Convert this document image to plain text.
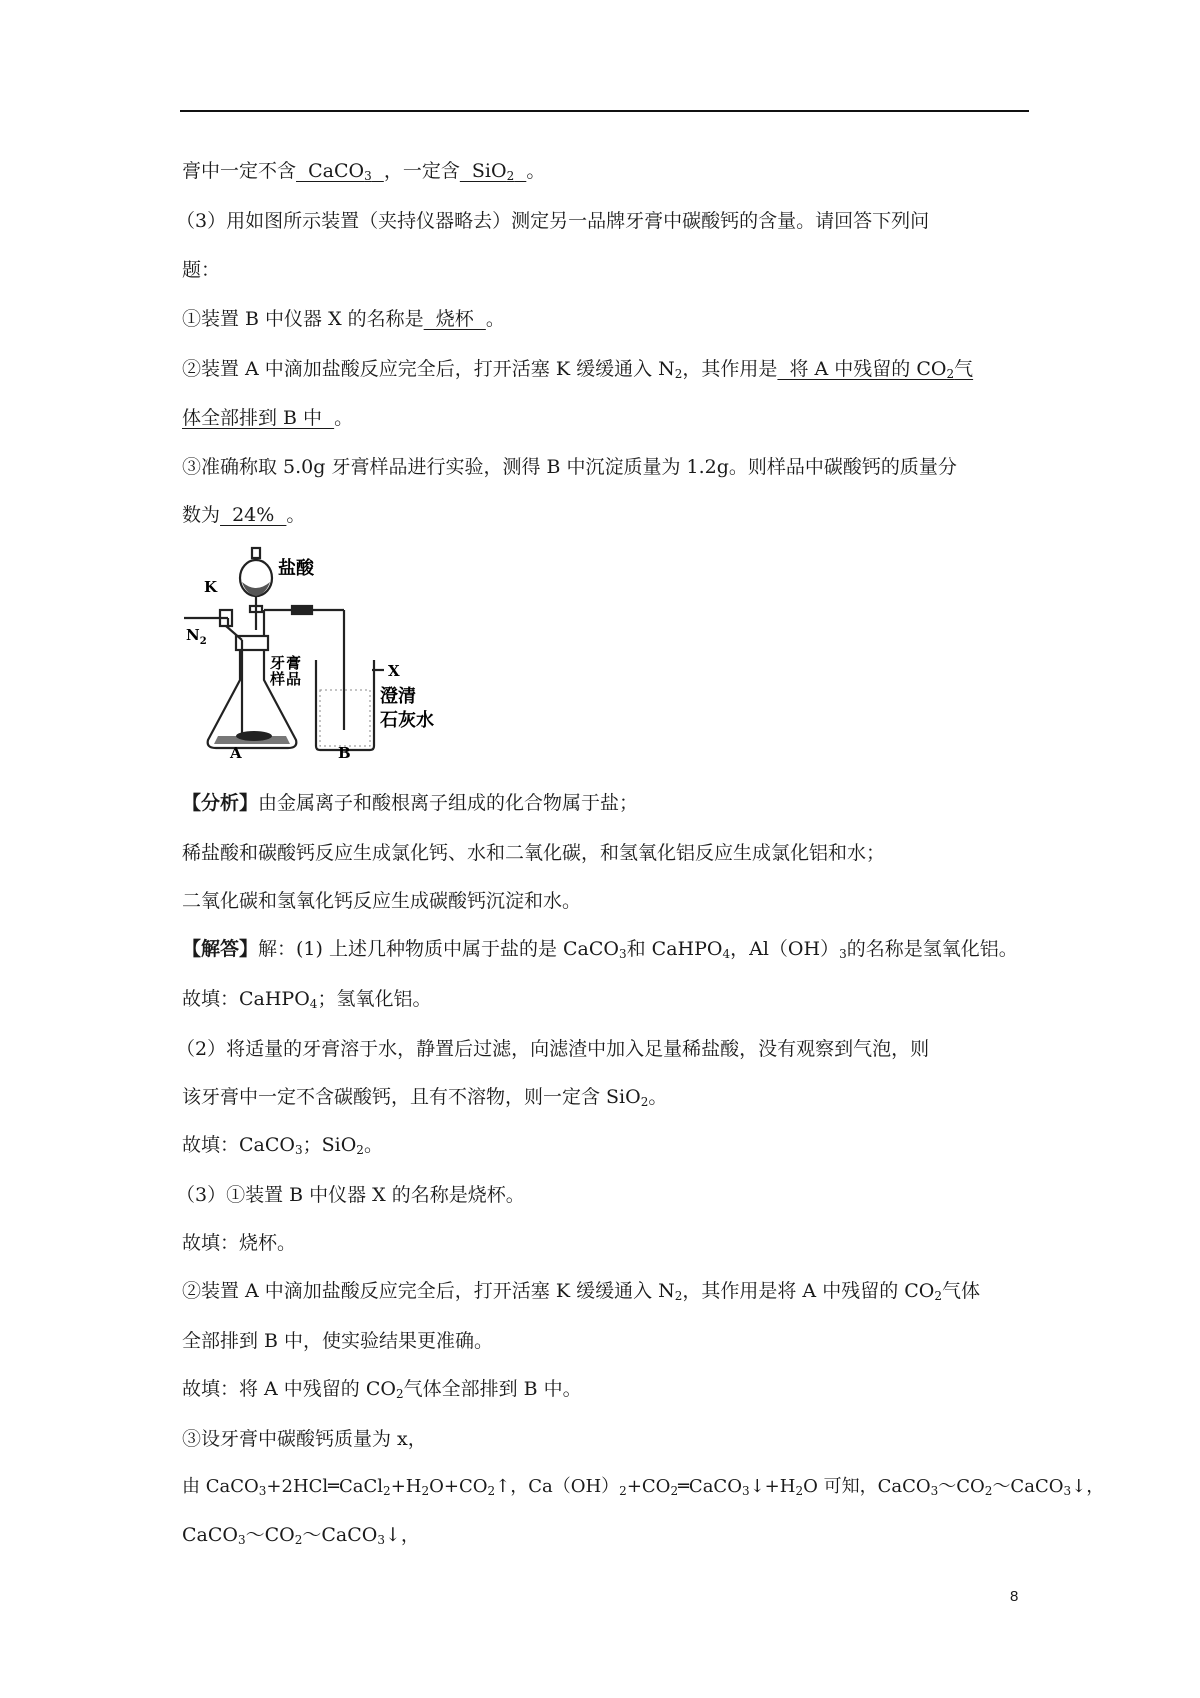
膏中一定不含  CaCO$_3$ ，一定含  SiO$_2$ 。
（3）用如图所示装置（夹持仪器略去）测定另一品牌牙膏中碳酸钙的含量。请回答下列问
题：
①装置 B 中仪器 X 的名称是  烧杯  。
②装置 A 中滴加盐酸反应完全后，打开活塞 K 缓缓通入 $N_2$，其作用是  将 A 中残留的 $CO_2$气
体全部排到 B 中  。
③准确称取 5.0g 牙膏样品进行实验，测得 B 中沉淀质量为 1.2g。则样品中碳酸钙的质量分
数为  24%  。
【分析】由金属离子和酸根离子组成的化合物属于盐；
稀盐酸和碳酸钙反应生成氯化钙、水和二氧化碳，和氢氧化铝反应生成氯化铝和水；
二氧化碳和氢氧化钙反应生成碳酸钙沉淀和水。
【解答】解：(1) 上述几种物质中属于盐的是 CaCO$_3$和 CaHPO$_4$，$Al(OH)_3$的名称是氢氧化铝。
故填：CaHPO$_4$；氢氧化铝。
（2）将适量的牙膏溶于水，静置后过滤，向滤渣中加入足量稀盐酸，没有观察到气泡，则
该牙膏中一定不含碳酸钙，且有不溶物，则一定含 SiO$_2$。
故填：CaCO$_3$；SiO$_2$。
（3）①装置 B 中仪器 X 的名称是烧杯。
故填：烧杯。
②装置 A 中滴加盐酸反应完全后，打开活塞 K 缓缓通入 $N_2$，其作用是将 A 中残留的 $CO_2$气体
全部排到 B 中，使实验结果更准确。
故填：将 A 中残留的 $CO_2$气体全部排到 B 中。
③设牙膏中碳酸钙质量为 x，
由 $CaCO_3+2HCl═CaCl_2+H_2O+CO_2↑$，$Ca(OH)_2+CO_2═CaCO_3↓+H_2O$ 可知，$CaCO_3\sim CO_2\sim CaCO_3↓$，
$CaCO_3\sim CO_2\sim CaCO_3↓$，
盐酸
K
$N_2$
牙 膏
样 品	X
澄清
石灰水
A	B
8
